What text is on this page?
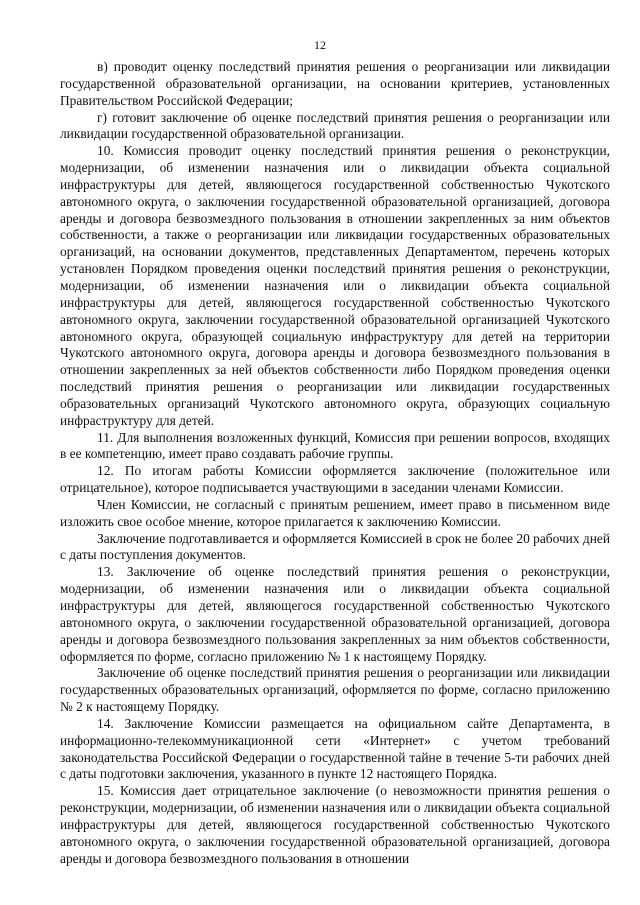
12

в) проводит оценку последствий принятия решения о реорганизации или ликвидации государственной образовательной организации, на основании критериев, установленных Правительством Российской Федерации;

г) готовит заключение об оценкe последствий принятия решения о реорганизации или ликвидации государственной образовательной организации.

10. Комиссия проводит оценку последствий принятия решения о реконструкции, модернизации, об изменении назначения или о ликвидации объекта социальной инфраструктуры для детей, являющегося государственной собственностью Чукотского автономного округа, о заключении государственной образовательной организацией, договора аренды и договора безвозмездного пользования в отношении закрепленных за ним объектов собственности, а также о реорганизации или ликвидации государственных образовательных организаций, на основании документов, представленных Департаментом, перечень которых установлен Порядком проведения оценки последствий принятия решения о реконструкции, модернизации, об изменении назначения или о ликвидации объекта социальной инфраструктуры для детей, являющегося государственной собственностью Чукотского автономного округа, заключении государственной образовательной организацией Чукотского автономного округа, образующей социальную инфраструктуру для детей на территории Чукотского автономного округа, договора аренды и договора безвозмездного пользования в отношении закрепленных за ней объектов собственности либо Порядком проведения оценки последствий принятия решения о реорганизации или ликвидации государственных образовательных организаций Чукотского автономного округа, образующих социальную инфраструктуру для детей.

11. Для выполнения возложенных функций, Комиссия при решении вопросов, входящих в ее компетенцию, имеет право создавать рабочие группы.

12. По итогам работы Комиссии оформляется заключение (положительное или отрицательное), которое подписывается участвующими в заседании членами Комиссии.

Член Комиссии, не согласный с принятым решением, имеет право в письменном виде изложить свое особое мнение, которое прилагается к заключению Комиссии.

Заключение подготавливается и оформляется Комиссией в срок не более 20 рабочих дней с даты поступления документов.

13. Заключение об оценке последствий принятия решения о реконструкции, модернизации, об изменении назначения или о ликвидации объекта социальной инфраструктуры для детей, являющегося государственной собственностью Чукотского автономного округа, о заключении государственной образовательной организацией, договора аренды и договора безвозмездного пользования закрепленных за ним объектов собственности, оформляется по форме, согласно приложению № 1 к настоящему Порядку.

Заключение об оценке последствий принятия решения о реорганизации или ликвидации государственных образовательных организаций, оформляется по форме, согласно приложению № 2 к настоящему Порядку.

14. Заключение Комиссии размещается на официальном сайте Департамента, в информационно-телекоммуникационной сети «Интернет» с учетом требований законодательства Российской Федерации о государственной тайне в течение 5-ти рабочих дней с даты подготовки заключения, указанного в пункте 12 настоящего Порядка.

15. Комиссия дает отрицательное заключение (о невозможности принятия решения о реконструкции, модернизации, об изменении назначения или о ликвидации объекта социальной инфраструктуры для детей, являющегося государственной собственностью Чукотского автономного округа, о заключении государственной образовательной организацией, договора аренды и договора безвозмездного пользования в отношении
